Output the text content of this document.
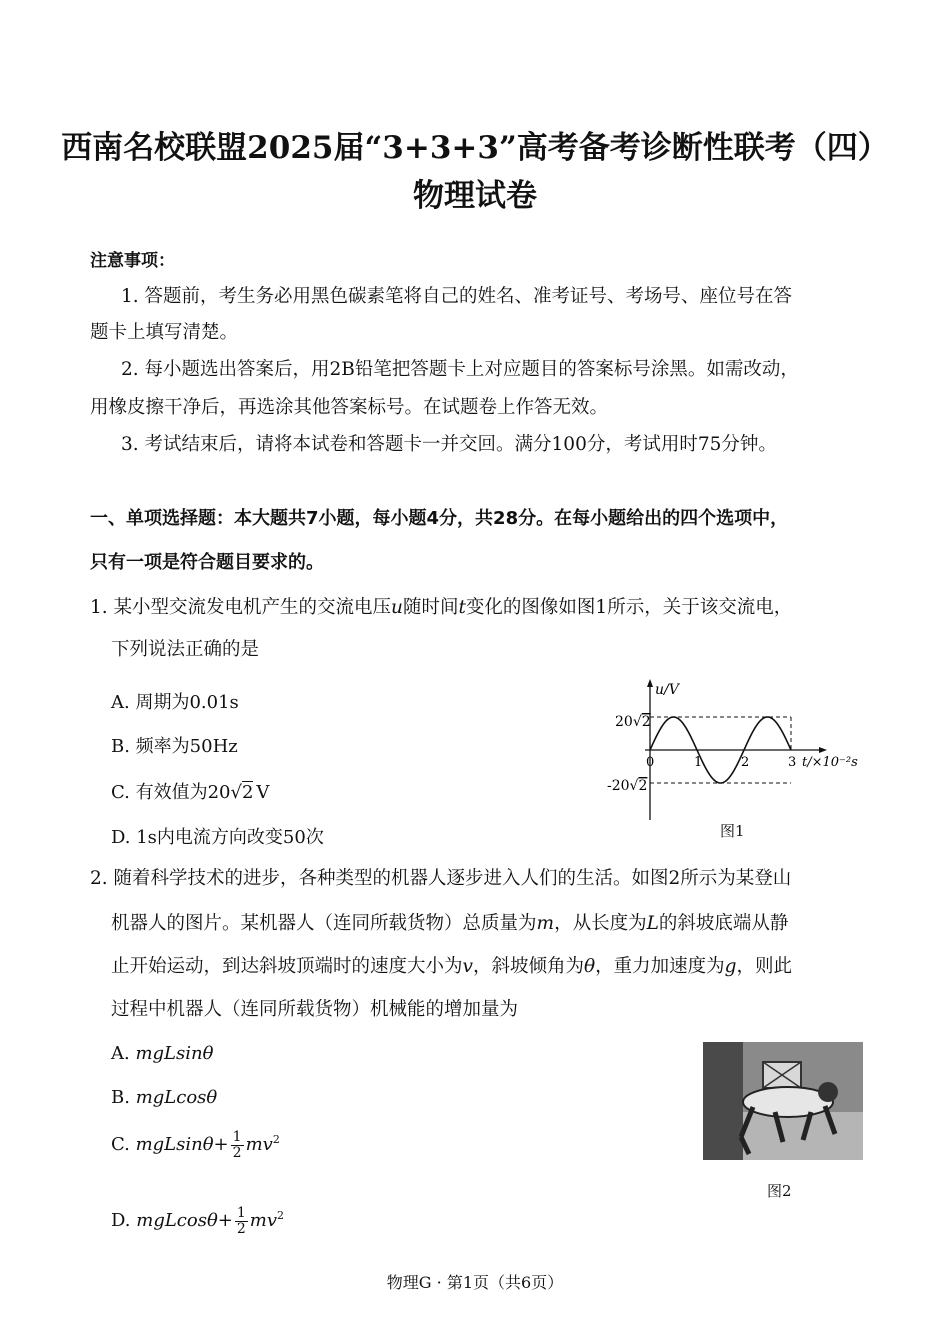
西南名校联盟2025届“3+3+3”高考备考诊断性联考（四）
物理试卷
注意事项：
1. 答题前，考生务必用黑色碳素笔将自己的姓名、准考证号、考场号、座位号在答
题卡上填写清楚。
2. 每小题选出答案后，用2B铅笔把答题卡上对应题目的答案标号涂黑。如需改动，
用橡皮擦干净后，再选涂其他答案标号。在试题卷上作答无效。
3. 考试结束后，请将本试卷和答题卡一并交回。满分100分，考试用时75分钟。
一、单项选择题：本大题共7小题，每小题4分，共28分。在每小题给出的四个选项中，
只有一项是符合题目要求的。
1. 某小型交流发电机产生的交流电压u随时间t变化的图像如图1所示，关于该交流电，
下列说法正确的是
A. 周期为0.01s
B. 频率为50Hz
C. 有效值为20√2 V
D. 1s内电流方向改变50次
0	1	2	3
u/V
t/×10⁻²s
20√2
-20√2
图1
2. 随着科学技术的进步，各种类型的机器人逐步进入人们的生活。如图2所示为某登山
机器人的图片。某机器人（连同所载货物）总质量为m，从长度为L的斜坡底端从静
止开始运动，到达斜坡顶端时的速度大小为v，斜坡倾角为θ，重力加速度为g，则此
过程中机器人（连同所载货物）机械能的增加量为
A. mgLsinθ
B. mgLcosθ
C. $mgLsin\theta+ \frac{1}{2} mv^2$
D. $mgLcos\theta+ \frac{1}{2} mv^2$
图2
物理G · 第1页（共6页）
